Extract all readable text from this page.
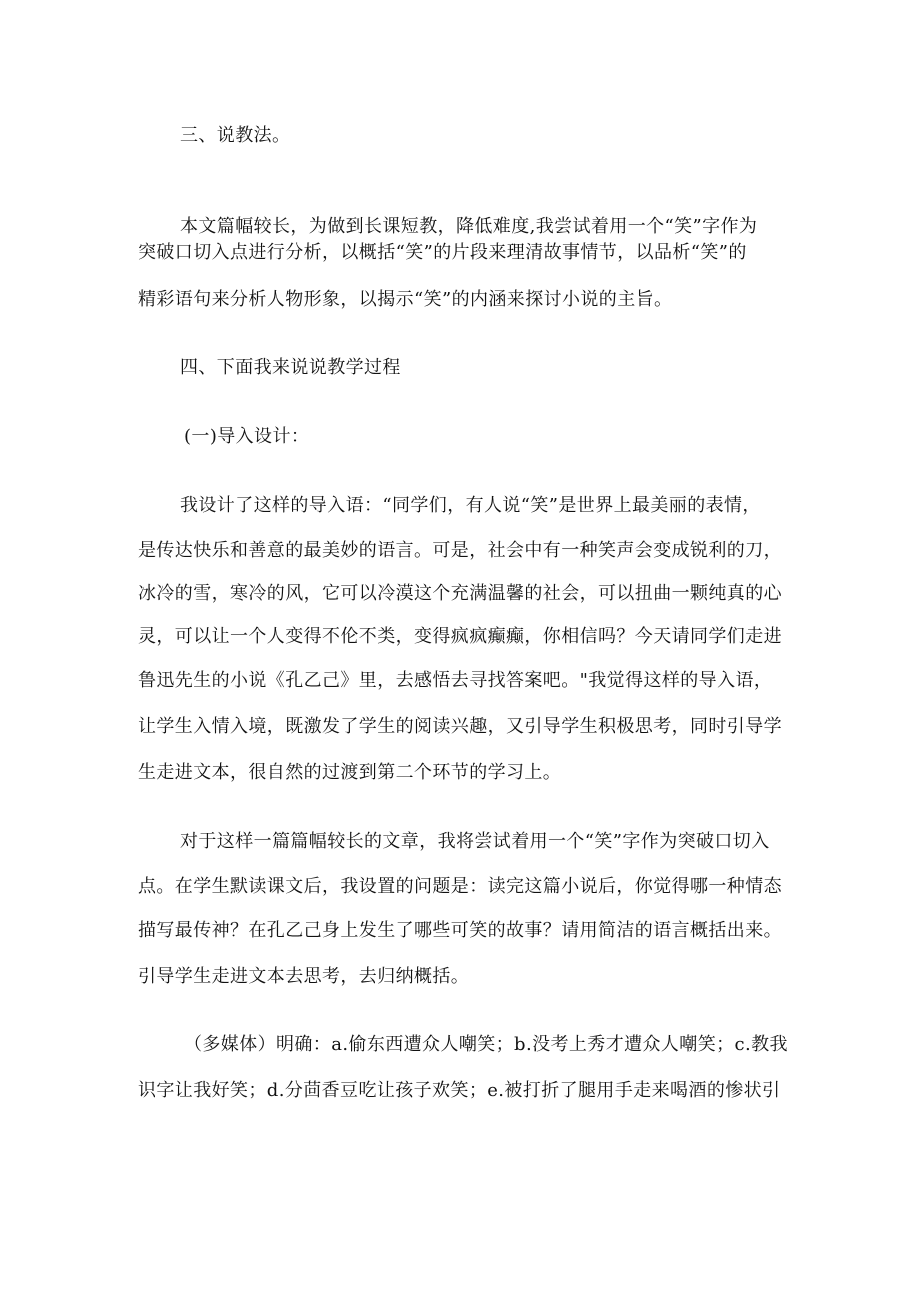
三、说教法。
本文篇幅较长，为做到长课短教，降低难度,我尝试着用一个“笑”字作为
突破口切入点进行分析，以概括“笑”的片段来理清故事情节，以品析“笑”的
精彩语句来分析人物形象，以揭示“笑”的内涵来探讨小说的主旨。
四、下面我来说说教学过程
(一)导入设计：
我设计了这样的导入语：“同学们，有人说“笑”是世界上最美丽的表情，
是传达快乐和善意的最美妙的语言。可是，社会中有一种笑声会变成锐利的刀，
冰冷的雪，寒冷的风，它可以冷漠这个充满温馨的社会，可以扭曲一颗纯真的心
灵，可以让一个人变得不伦不类，变得疯疯癫癫，你相信吗？今天请同学们走进
鲁迅先生的小说《孔乙己》里，去感悟去寻找答案吧。"我觉得这样的导入语，
让学生入情入境，既激发了学生的阅读兴趣，又引导学生积极思考，同时引导学
生走进文本，很自然的过渡到第二个环节的学习上。
对于这样一篇篇幅较长的文章，我将尝试着用一个“笑”字作为突破口切入
点。在学生默读课文后，我设置的问题是：读完这篇小说后，你觉得哪一种情态
描写最传神？在孔乙己身上发生了哪些可笑的故事？请用简洁的语言概括出来。
引导学生走进文本去思考，去归纳概括。
（多媒体）明确：a.偷东西遭众人嘲笑；b.没考上秀才遭众人嘲笑；c.教我
识字让我好笑；d.分茴香豆吃让孩子欢笑；e.被打折了腿用手走来喝酒的惨状引
